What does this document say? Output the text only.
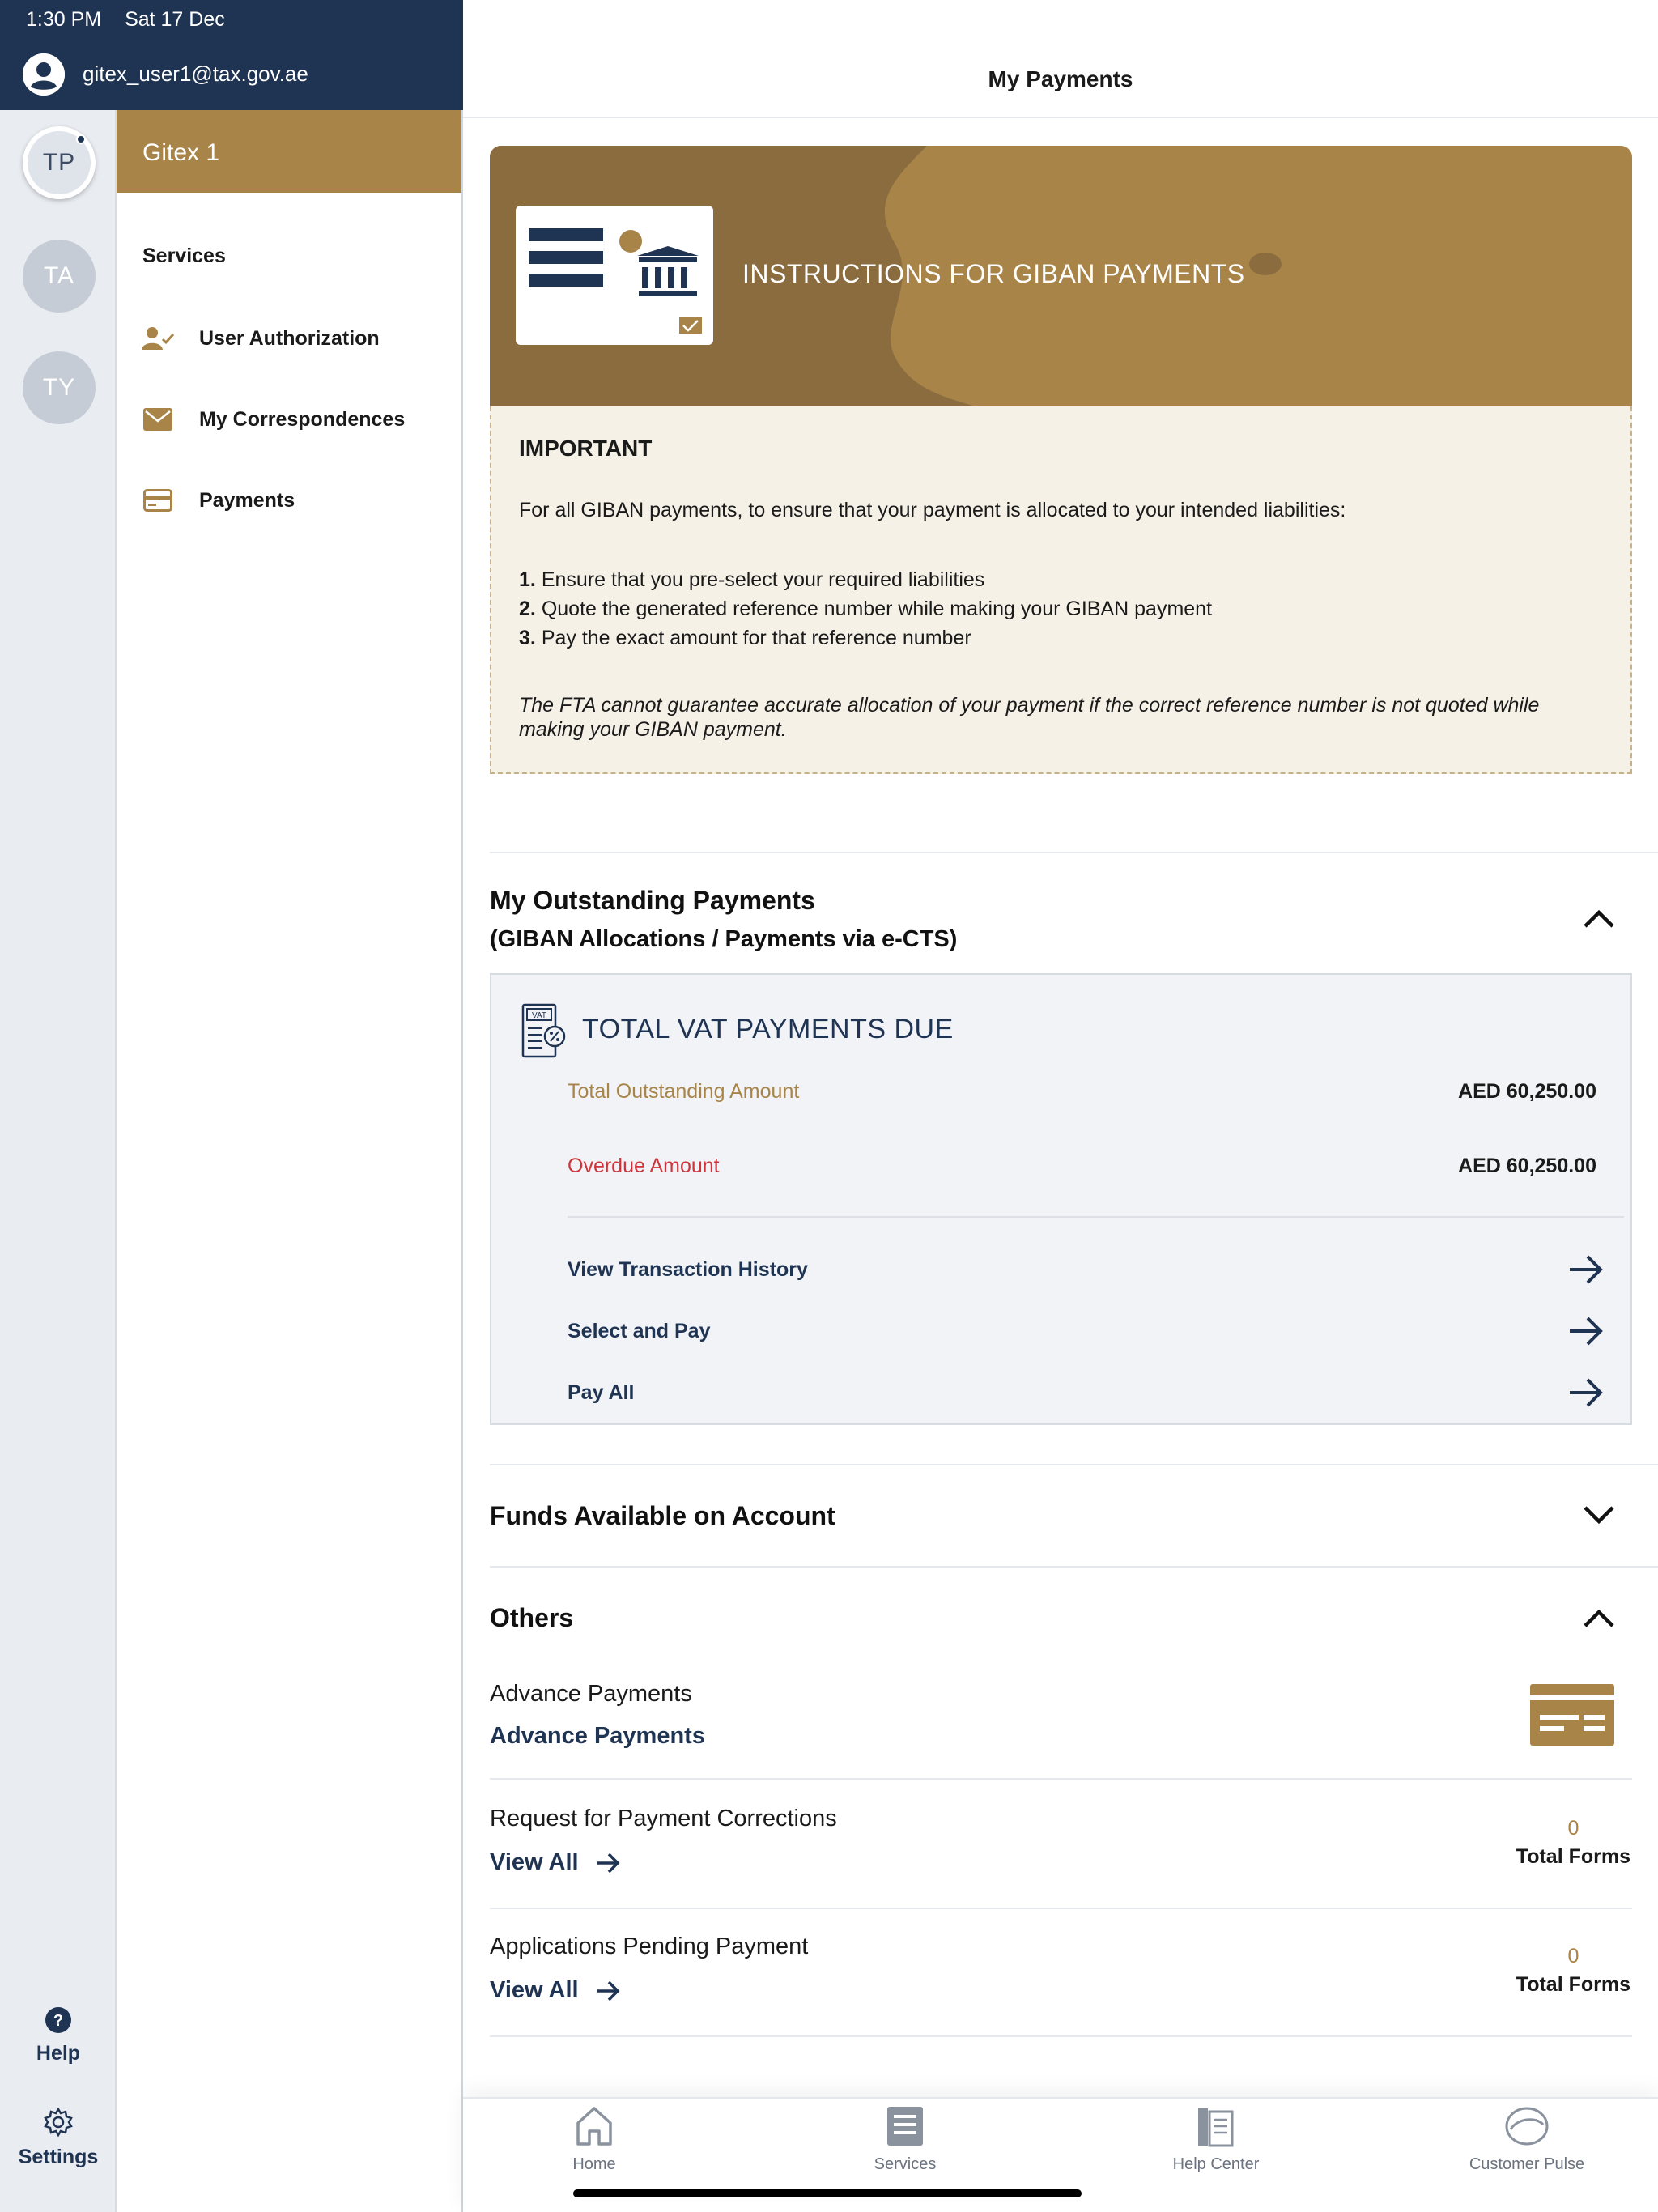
1:30 PM Sat 17 Dec
gitex_user1@tax.gov.ae
TP
TA
TY
?
Help
Settings
Gitex 1
Services
User Authorization
My Correspondences
Payments
My Payments
INSTRUCTIONS FOR GIBAN PAYMENTS
IMPORTANT
For all GIBAN payments, to ensure that your payment is allocated to your intended liabilities:
1. Ensure that you pre-select your required liabilities
2. Quote the generated reference number while making your GIBAN payment
3. Pay the exact amount for that reference number
The FTA cannot guarantee accurate allocation of your payment if the correct reference number is not quoted while making your GIBAN payment.
My Outstanding Payments
(GIBAN Allocations / Payments via e-CTS)
VAT TOTAL VAT PAYMENTS DUE
Total Outstanding Amount	AED 60,250.00
Overdue Amount	AED 60,250.00
View Transaction History
Select and Pay
Pay All
Funds Available on Account
Others
Advance Payments
Advance Payments
Request for Payment Corrections
View All
0
Total Forms
Applications Pending Payment
View All
0
Total Forms
Home	Services	Help Center	Customer Pulse
